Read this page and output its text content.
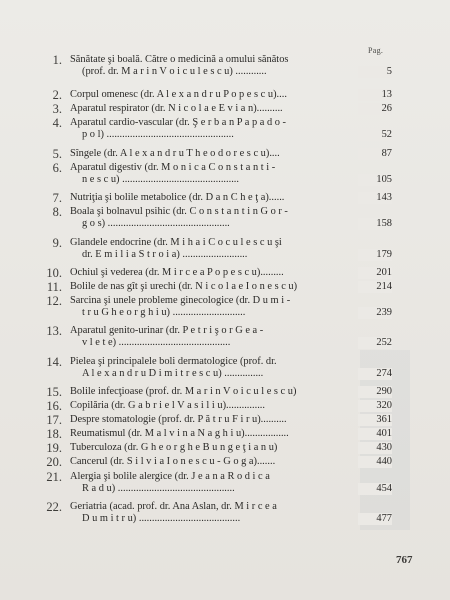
Pag.
1. Sănătate şi boală. Către o medicină a omului sănătos
(prof. dr. M a r i n V o i c u l e s c u) ............	5
2. Corpul omenesc (dr. A l e x a n d r u P o p e s c u)....	13
3. Aparatul respirator (dr. N i c o l a e E v i a n)..........	26
4. Aparatul cardio-vascular (dr. Ş e r b a n P a p a d o -
p o l) .................................................	52
5. Sîngele (dr. A l e x a n d r u T h e o d o r e s c u)....	87
6. Aparatul digestiv (dr. M o n i c a C o n s t a n t i -
n e s c u) .............................................	105
7. Nutriţia şi bolile metabolice (dr. D a n C h e ţ a)......	143
8. Boala şi bolnavul psihic (dr. C o n s t a n t i n G o r -
g o s) ...............................................	158
9. Glandele endocrine (dr. M i h a i C o c u l e s c u şi
dr. E m i l i a S t r o i a) .........................	179
10. Ochiul şi vederea (dr. M i r c e a P o p e s c u).........	201
11. Bolile de nas gît şi urechi (dr. N i c o l a e I o n e s c u)	214
12. Sarcina şi unele probleme ginecologice (dr. D u m i -
t r u G h e o r g h i u) ............................	239
13. Aparatul genito-urinar (dr. P e t r i ş o r G e a -
v l e t e) ...........................................	252
14. Pielea şi principalele boli dermatologice (prof. dr.
A l e x a n d r u D i m i t r e s c u) ...............	274
15. Bolile infecţioase (prof. dr. M a r i n V o i c u l e s c u)	290
16. Copilăria (dr. G a b r i e l V a s i l i u)...............	320
17. Despre stomatologie (prof. dr. P ă t r u F i r u)..........	361
18. Reumatismul (dr. M a l v i n a N a g h i u).................	401
19. Tuberculoza (dr. G h e o r g h e B u n g e ţ i a n u)	430
20. Cancerul (dr. S i l v i a I o n e s c u - G o g a).......	440
21. Alergia şi bolile alergice (dr. J e a n a R o d i c a
R a d u) .............................................	454
22. Geriatria (acad. prof. dr. Ana Aslan, dr. M i r c e a
D u m i t r u) .......................................	477
767
